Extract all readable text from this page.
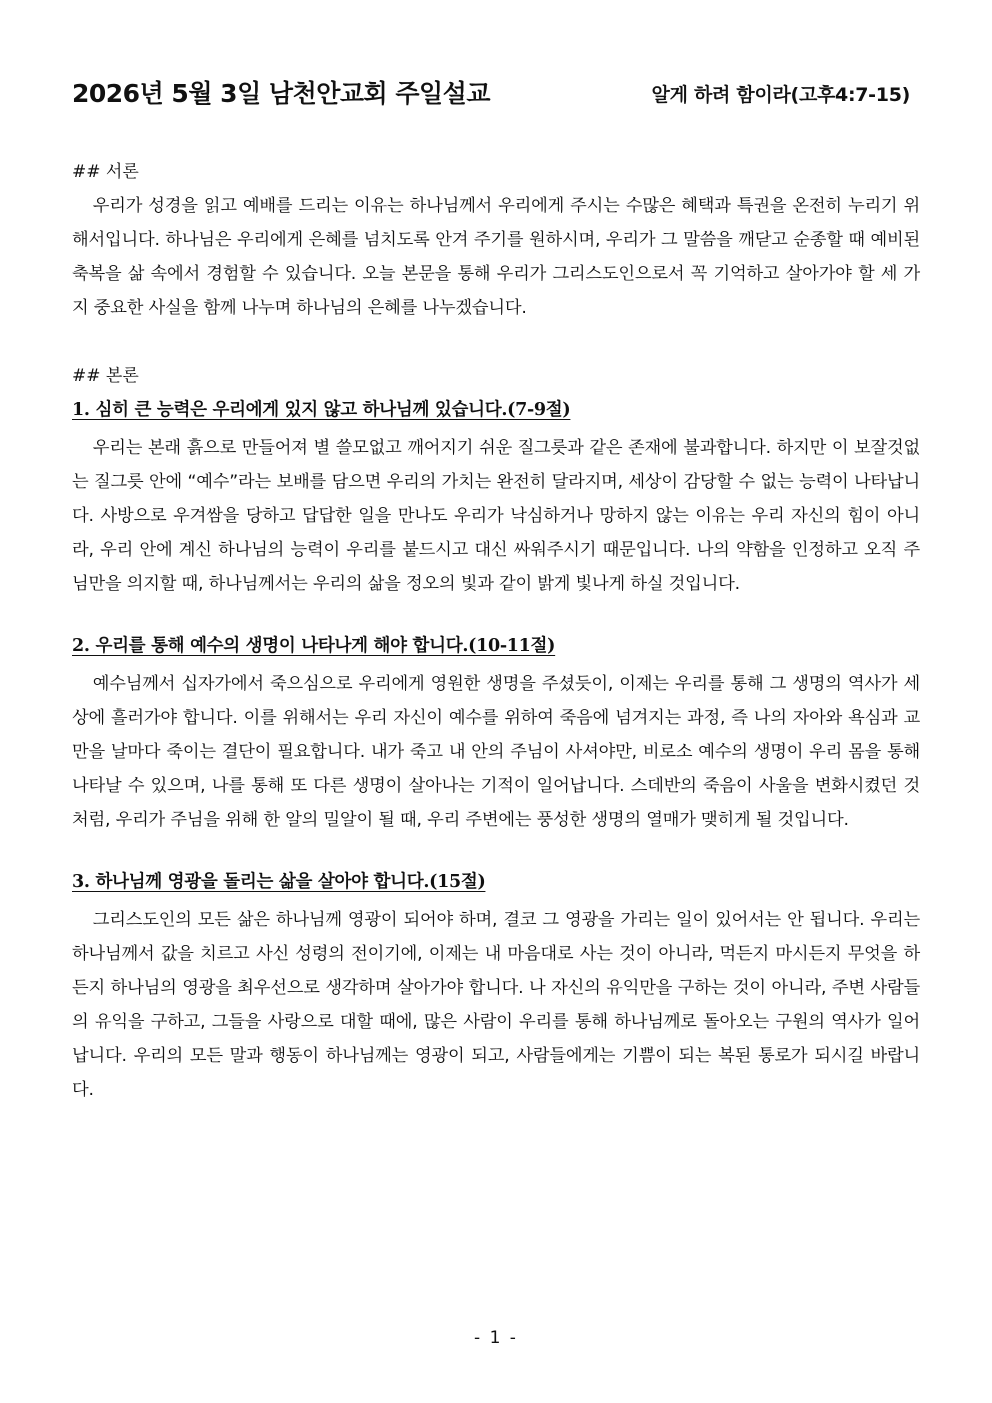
2026년 5월 3일 남천안교회 주일설교	알게 하려 함이라(고후4:7-15)
## 서론

우리가 성경을 읽고 예배를 드리는 이유는 하나님께서 우리에게 주시는 수많은 혜택과 특권을 온전히 누리기 위해서입니다. 하나님은 우리에게 은혜를 넘치도록 안겨 주기를 원하시며, 우리가 그 말씀을 깨닫고 순종할 때 예비된 축복을 삶 속에서 경험할 수 있습니다. 오늘 본문을 통해 우리가 그리스도인으로서 꼭 기억하고 살아가야 할 세 가지 중요한 사실을 함께 나누며 하나님의 은혜를 나누겠습니다.

## 본론
1. 심히 큰 능력은 우리에게 있지 않고 하나님께 있습니다.(7-9절)

우리는 본래 흙으로 만들어져 별 쓸모없고 깨어지기 쉬운 질그릇과 같은 존재에 불과합니다. 하지만 이 보잘것없는 질그릇 안에 “예수”라는 보배를 담으면 우리의 가치는 완전히 달라지며, 세상이 감당할 수 없는 능력이 나타납니다. 사방으로 우겨쌈을 당하고 답답한 일을 만나도 우리가 낙심하거나 망하지 않는 이유는 우리 자신의 힘이 아니라, 우리 안에 계신 하나님의 능력이 우리를 붙드시고 대신 싸워주시기 때문입니다. 나의 약함을 인정하고 오직 주님만을 의지할 때, 하나님께서는 우리의 삶을 정오의 빛과 같이 밝게 빛나게 하실 것입니다.

2. 우리를 통해 예수의 생명이 나타나게 해야 합니다.(10-11절)

예수님께서 십자가에서 죽으심으로 우리에게 영원한 생명을 주셨듯이, 이제는 우리를 통해 그 생명의 역사가 세상에 흘러가야 합니다. 이를 위해서는 우리 자신이 예수를 위하여 죽음에 넘겨지는 과정, 즉 나의 자아와 욕심과 교만을 날마다 죽이는 결단이 필요합니다. 내가 죽고 내 안의 주님이 사셔야만, 비로소 예수의 생명이 우리 몸을 통해 나타날 수 있으며, 나를 통해 또 다른 생명이 살아나는 기적이 일어납니다. 스데반의 죽음이 사울을 변화시켰던 것처럼, 우리가 주님을 위해 한 알의 밀알이 될 때, 우리 주변에는 풍성한 생명의 열매가 맺히게 될 것입니다.

3. 하나님께 영광을 돌리는 삶을 살아야 합니다.(15절)

그리스도인의 모든 삶은 하나님께 영광이 되어야 하며, 결코 그 영광을 가리는 일이 있어서는 안 됩니다. 우리는 하나님께서 값을 치르고 사신 성령의 전이기에, 이제는 내 마음대로 사는 것이 아니라, 먹든지 마시든지 무엇을 하든지 하나님의 영광을 최우선으로 생각하며 살아가야 합니다. 나 자신의 유익만을 구하는 것이 아니라, 주변 사람들의 유익을 구하고, 그들을 사랑으로 대할 때에, 많은 사람이 우리를 통해 하나님께로 돌아오는 구원의 역사가 일어납니다. 우리의 모든 말과 행동이 하나님께는 영광이 되고, 사람들에게는 기쁨이 되는 복된 통로가 되시길 바랍니다.

- 1 -
